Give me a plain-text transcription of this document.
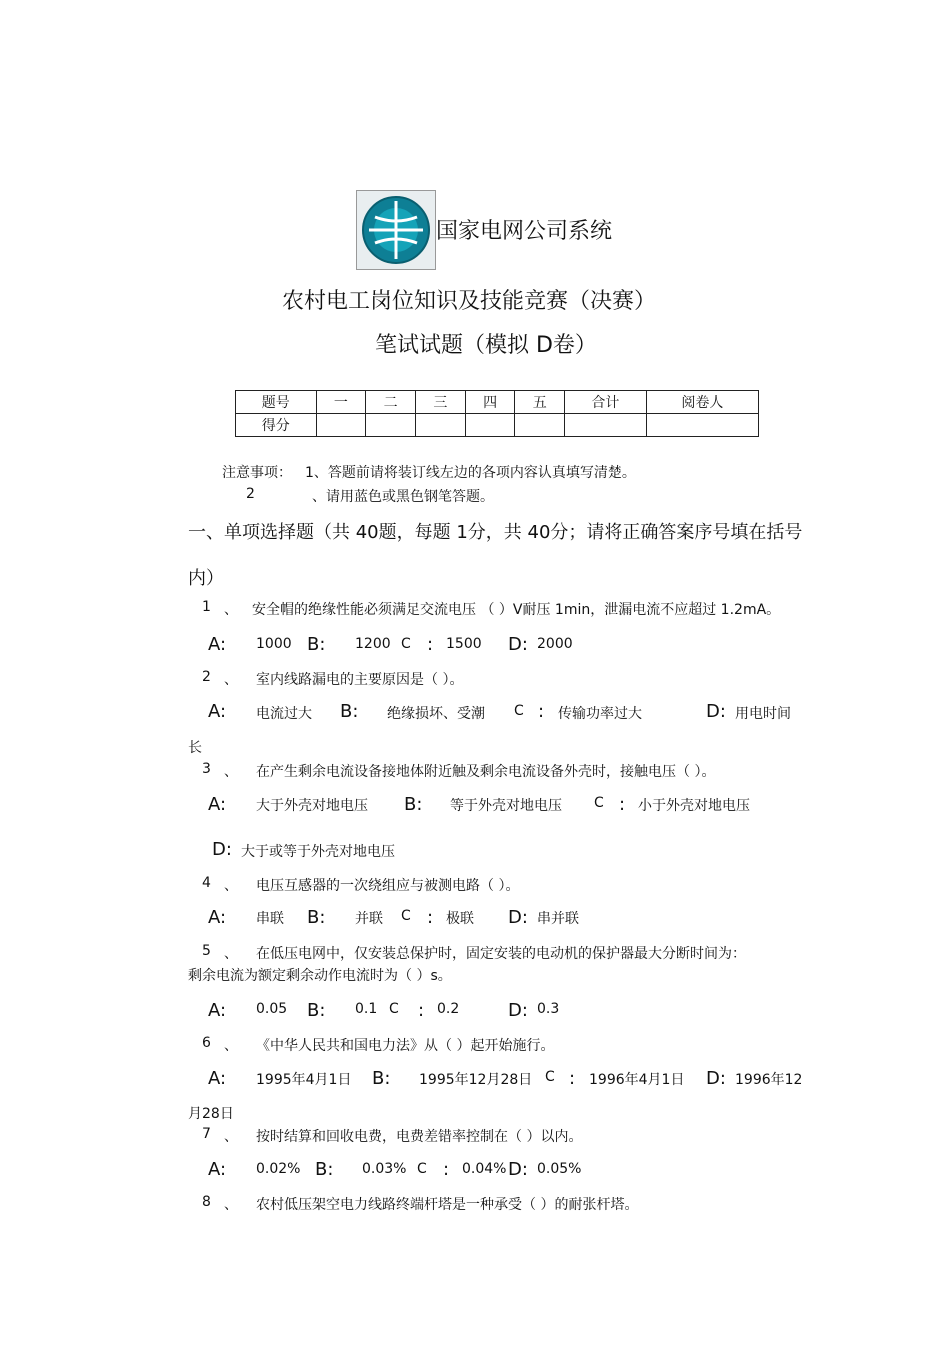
国家电网公司系统
农村电工岗位知识及技能竞赛（决赛）
笔试试题（模拟 D卷）
题号	一	二	三	四	五	合计	阅卷人
得分							
注意事项： 1、答题前请将装订线左边的各项内容认真填写清楚。
2	、请用蓝色或黑色钢笔答题。
一、单项选择题（共 40题，每题 1分，共 40分；请将正确答案序号填在括号
内）
1 、 安全帽的绝缘性能必须满足交流电压 （ ）V耐压 1min，泄漏电流不应超过 1.2mA。
A: 1000 B: 1200 C : 1500 D: 2000
2 、 室内线路漏电的主要原因是（ ）。
A: 电流过大 B: 绝缘损坏、受潮 C : 传输功率过大	D: 用电时间
长
3 、 在产生剩余电流设备接地体附近触及剩余电流设备外壳时，接触电压（ ）。
A: 大于外壳对地电压 B: 等于外壳对地电压 C : 小于外壳对地电压
D: 大于或等于外壳对地电压
4 、 电压互感器的一次绕组应与被测电路（ ）。
A: 串联 B: 并联 C : 极联 D: 串并联
5 、 在低压电网中，仅安装总保护时，固定安装的电动机的保护器最大分断时间为：
剩余电流为额定剩余动作电流时为（ ）s。
A: 0.05 B: 0.1 C : 0.2	D: 0.3
6 、 《中华人民共和国电力法》从（ ）起开始施行。
A: 1995年4月1日 B: 1995年12月28日 C : 1996年4月1日 D: 1996年12
月28日
7 、 按时结算和回收电费，电费差错率控制在（ ）以内。
A: 0.02% B: 0.03% C : 0.04% D: 0.05%
8 、 农村低压架空电力线路终端杆塔是一种承受（ ）的耐张杆塔。
